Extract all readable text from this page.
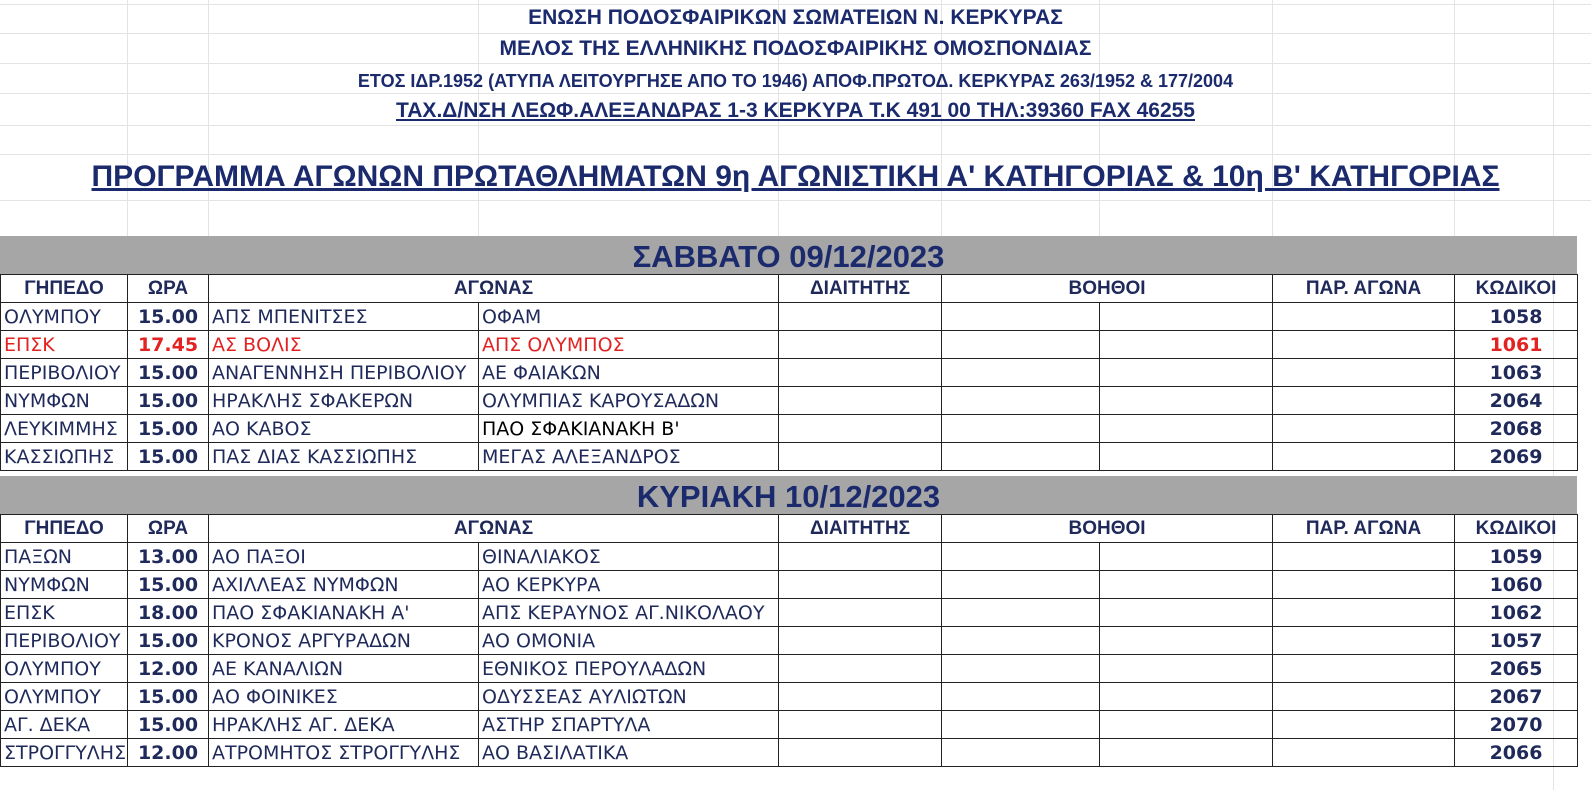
ΕΝΩΣΗ ΠΟΔΟΣΦΑΙΡΙΚΩΝ ΣΩΜΑΤΕΙΩΝ Ν. ΚΕΡΚΥΡΑΣ
ΜΕΛΟΣ ΤΗΣ ΕΛΛΗΝΙΚΗΣ ΠΟΔΟΣΦΑΙΡΙΚΗΣ ΟΜΟΣΠΟΝΔΙΑΣ
ΕΤΟΣ ΙΔΡ.1952 (ΑΤΥΠΑ ΛΕΙΤΟΥΡΓΗΣΕ ΑΠΟ ΤΟ 1946) ΑΠΟΦ.ΠΡΩΤΟΔ. ΚΕΡΚΥΡΑΣ 263/1952 & 177/2004
ΤΑΧ.Δ/ΝΣΗ ΛΕΩΦ.ΑΛΕΞΑΝΔΡΑΣ 1-3 ΚΕΡΚΥΡΑ Τ.Κ 491 00 ΤΗΛ:39360 FAX 46255
ΠΡΟΓΡΑΜΜΑ ΑΓΩΝΩΝ ΠΡΩΤΑΘΛΗΜΑΤΩΝ 9η ΑΓΩΝΙΣΤΙΚΗ Α' ΚΑΤΗΓΟΡΙΑΣ & 10η Β' ΚΑΤΗΓΟΡΙΑΣ
ΣΑΒΒΑΤΟ 09/12/2023
ΓΗΠΕΔΟ	ΩΡΑ	ΑΓΩΝΑΣ		ΔΙΑΙΤΗΤΗΣ	ΒΟΗΘΟΙ		ΠΑΡ. ΑΓΩΝΑ	ΚΩΔΙΚΟΙ
ΟΛΥΜΠΟΥ	15.00	ΑΠΣ ΜΠΕΝΙΤΣΕΣ	ΟΦΑΜ					1058
ΕΠΣΚ	17.45	ΑΣ ΒΟΛΙΣ	ΑΠΣ ΟΛΥΜΠΟΣ					1061
ΠΕΡΙΒΟΛΙΟΥ	15.00	ΑΝΑΓΕΝΝΗΣΗ ΠΕΡΙΒΟΛΙΟΥ	ΑΕ ΦΑΙΑΚΩΝ					1063
ΝΥΜΦΩΝ	15.00	ΗΡΑΚΛΗΣ ΣΦΑΚΕΡΩΝ	ΟΛΥΜΠΙΑΣ ΚΑΡΟΥΣΑΔΩΝ					2064
ΛΕΥΚΙΜΜΗΣ	15.00	ΑΟ ΚΑΒΟΣ	ΠΑΟ ΣΦΑΚΙΑΝΑΚΗ Β'					2068
ΚΑΣΣΙΩΠΗΣ	15.00	ΠΑΣ ΔΙΑΣ ΚΑΣΣΙΩΠΗΣ	ΜΕΓΑΣ ΑΛΕΞΑΝΔΡΟΣ					2069
ΚΥΡΙΑΚΗ 10/12/2023
ΓΗΠΕΔΟ	ΩΡΑ	ΑΓΩΝΑΣ		ΔΙΑΙΤΗΤΗΣ	ΒΟΗΘΟΙ		ΠΑΡ. ΑΓΩΝΑ	ΚΩΔΙΚΟΙ
ΠΑΞΩΝ	13.00	ΑΟ ΠΑΞΟΙ	ΘΙΝΑΛΙΑΚΟΣ					1059
ΝΥΜΦΩΝ	15.00	ΑΧΙΛΛΕΑΣ ΝΥΜΦΩΝ	ΑΟ ΚΕΡΚΥΡΑ					1060
ΕΠΣΚ	18.00	ΠΑΟ ΣΦΑΚΙΑΝΑΚΗ Α'	ΑΠΣ ΚΕΡΑΥΝΟΣ ΑΓ.ΝΙΚΟΛΑΟΥ					1062
ΠΕΡΙΒΟΛΙΟΥ	15.00	ΚΡΟΝΟΣ ΑΡΓΥΡΑΔΩΝ	ΑΟ ΟΜΟΝΙΑ					1057
ΟΛΥΜΠΟΥ	12.00	ΑΕ ΚΑΝΑΛΙΩΝ	ΕΘΝΙΚΟΣ ΠΕΡΟΥΛΑΔΩΝ					2065
ΟΛΥΜΠΟΥ	15.00	ΑΟ ΦΟΙΝΙΚΕΣ	ΟΔΥΣΣΕΑΣ ΑΥΛΙΩΤΩΝ					2067
ΑΓ. ΔΕΚΑ	15.00	ΗΡΑΚΛΗΣ ΑΓ. ΔΕΚΑ	ΑΣΤΗΡ ΣΠΑΡΤΥΛΑ					2070
ΣΤΡΟΓΓΥΛΗΣ	12.00	ΑΤΡΟΜΗΤΟΣ ΣΤΡΟΓΓΥΛΗΣ	ΑΟ ΒΑΣΙΛΑΤΙΚΑ					2066
